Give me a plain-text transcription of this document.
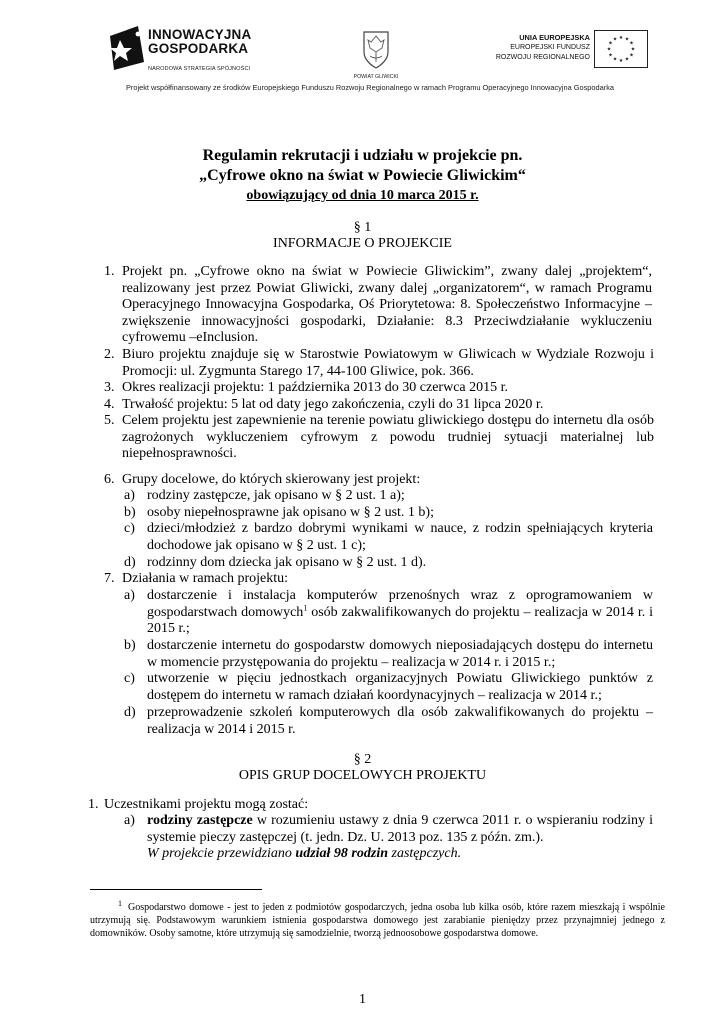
INNOWACYJNA
GOSPODARKA
NARODOWA STRATEGIA SPÓJNOŚCI
POWIAT GLIWICKI
UNIA EUROPEJSKA
EUROPEJSKI FUNDUSZ
ROZWOJU REGIONALNEGO
★ ★
★
★
★
★
★
★
★
★
★
★
Projekt współfinansowany ze środków Europejskiego Funduszu Rozwoju Regionalnego w ramach Programu Operacyjnego Innowacyjna Gospodarka
Regulamin rekrutacji i udziału w projekcie pn.
„Cyfrowe okno na świat w Powiecie Gliwickim“
obowiązujący od dnia 10 marca 2015 r.
§ 1
INFORMACJE O PROJEKCIE
1. Projekt pn. „Cyfrowe okno na świat w Powiecie Gliwickim”, zwany dalej „projektem“, realizowany jest przez Powiat Gliwicki, zwany dalej „organizatorem“, w ramach Programu Operacyjnego Innowacyjna Gospodarka, Oś Priorytetowa: 8. Społeczeństwo Informacyjne – zwiększenie innowacyjności gospodarki, Działanie: 8.3 Przeciwdziałanie wykluczeniu cyfrowemu –eInclusion.
2. Biuro projektu znajduje się w Starostwie Powiatowym w Gliwicach w Wydziale Rozwoju i Promocji: ul. Zygmunta Starego 17, 44-100 Gliwice, pok. 366.
3. Okres realizacji projektu: 1 października 2013 do 30 czerwca 2015 r.
4. Trwałość projektu: 5 lat od daty jego zakończenia, czyli do 31 lipca 2020 r.
5. Celem projektu jest zapewnienie na terenie powiatu gliwickiego dostępu do internetu dla osób zagrożonych wykluczeniem cyfrowym z powodu trudniej sytuacji materialnej lub niepełnosprawności.
6. Grupy docelowe, do których skierowany jest projekt:
a) rodziny zastępcze, jak opisano w § 2 ust. 1 a);
b) osoby niepełnosprawne jak opisano w § 2 ust. 1 b);
c) dzieci/młodzież z bardzo dobrymi wynikami w nauce, z rodzin spełniających kryteria dochodowe jak opisano w § 2 ust. 1 c);
d) rodzinny dom dziecka jak opisano w § 2 ust. 1 d).
7. Działania w ramach projektu:
a) dostarczenie i instalacja komputerów przenośnych wraz z oprogramowaniem w gospodarstwach domowych$^1$ osób zakwalifikowanych do projektu – realizacja w 2014 r. i 2015 r.;
b) dostarczenie internetu do gospodarstw domowych nieposiadających dostępu do internetu w momencie przystępowania do projektu – realizacja w 2014 r. i 2015 r.;
c) utworzenie w pięciu jednostkach organizacyjnych Powiatu Gliwickiego punktów z dostępem do internetu w ramach działań koordynacyjnych – realizacja w 2014 r.;
d) przeprowadzenie szkoleń komputerowych dla osób zakwalifikowanych do projektu – realizacja w 2014 i 2015 r.
§ 2
OPIS GRUP DOCELOWYCH PROJEKTU
1. Uczestnikami projektu mogą zostać:
a) rodziny zastępcze w rozumieniu ustawy z dnia 9 czerwca 2011 r. o wspieraniu rodziny i systemie pieczy zastępczej (t. jedn. Dz. U. 2013 poz. 135 z późn. zm.).
W projekcie przewidziano udział 98 rodzin zastępczych.
$^1$ Gospodarstwo domowe - jest to jeden z podmiotów gospodarczych, jedna osoba lub kilka osób, które razem mieszkają i wspólnie utrzymują się. Podstawowym warunkiem istnienia gospodarstwa domowego jest zarabianie pieniędzy przez przynajmniej jednego z domowników. Osoby samotne, które utrzymują się samodzielnie, tworzą jednoosobowe gospodarstwa domowe.
1
